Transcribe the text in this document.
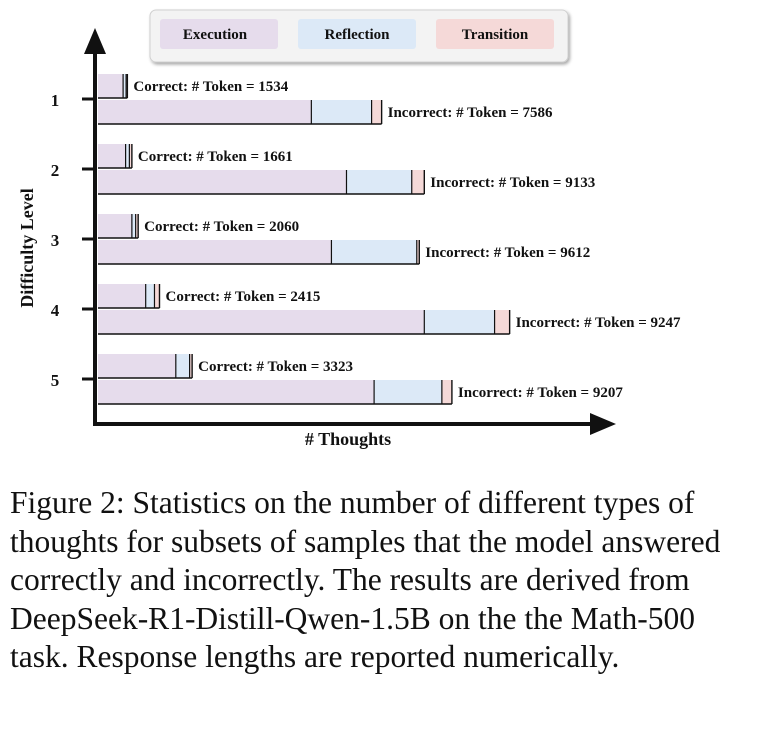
Execution	Reflection	Transition
Difficulty Level
# Thoughts
1
2
3
4
5
Correct: # Token = 1534
Incorrect: # Token = 7586
Correct: # Token = 1661
Incorrect: # Token = 9133
Correct: # Token = 2060
Incorrect: # Token = 9612
Correct: # Token = 2415
Incorrect: # Token = 9247
Correct: # Token = 3323
Incorrect: # Token = 9207

Figure 2: Statistics on the number of different types of thoughts for subsets of samples that the model answered correctly and incorrectly. The results are derived from DeepSeek-R1-Distill-Qwen-1.5B on the the Math-500 task. Response lengths are reported numerically.
